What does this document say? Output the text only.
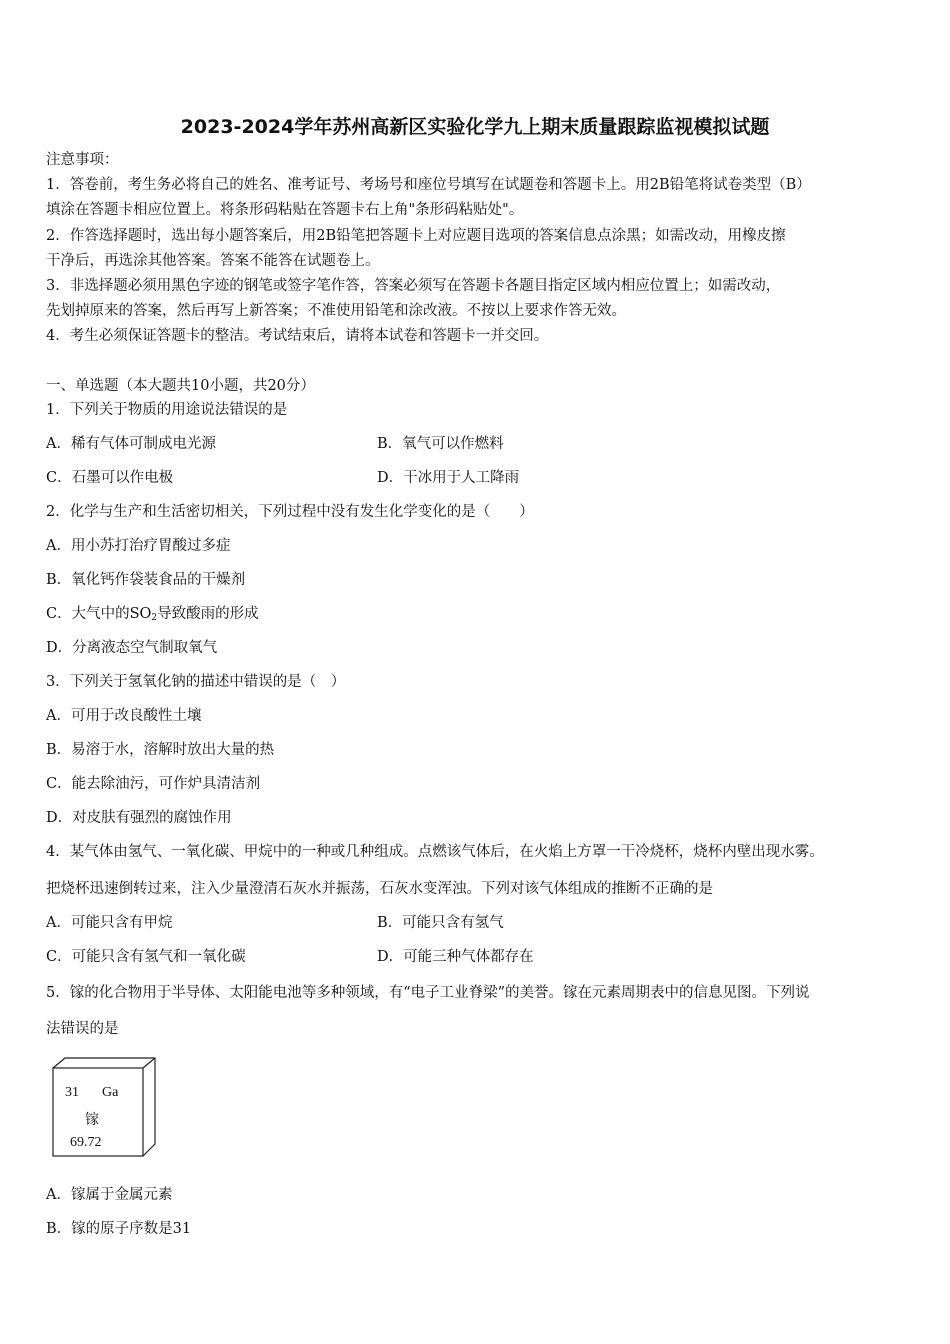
2023-2024学年苏州高新区实验化学九上期末质量跟踪监视模拟试题
注意事项：
1．答卷前，考生务必将自己的姓名、准考证号、考场号和座位号填写在试题卷和答题卡上。用2B铅笔将试卷类型（B）
填涂在答题卡相应位置上。将条形码粘贴在答题卡右上角"条形码粘贴处"。
2．作答选择题时，选出每小题答案后，用2B铅笔把答题卡上对应题目选项的答案信息点涂黑；如需改动，用橡皮擦
干净后，再选涂其他答案。答案不能答在试题卷上。
3．非选择题必须用黑色字迹的钢笔或签字笔作答，答案必须写在答题卡各题目指定区域内相应位置上；如需改动，
先划掉原来的答案，然后再写上新答案；不准使用铅笔和涂改液。不按以上要求作答无效。
4．考生必须保证答题卡的整洁。考试结束后，请将本试卷和答题卡一并交回。
一、单选题（本大题共10小题，共20分）
1．下列关于物质的用途说法错误的是
A．稀有气体可制成电光源	B．氧气可以作燃料
C．石墨可以作电极	D．干冰用于人工降雨
2．化学与生产和生活密切相关，下列过程中没有发生化学变化的是（　　）
A．用小苏打治疗胃酸过多症
B．氧化钙作袋装食品的干燥剂
C．大气中的$SO_2$导致酸雨的形成
D．分离液态空气制取氧气
3．下列关于氢氧化钠的描述中错误的是（　）
A．可用于改良酸性土壤
B．易溶于水，溶解时放出大量的热
C．能去除油污，可作炉具清洁剂
D．对皮肤有强烈的腐蚀作用
4．某气体由氢气、一氧化碳、甲烷中的一种或几种组成。点燃该气体后，在火焰上方罩一干冷烧杯，烧杯内壁出现水雾。
把烧杯迅速倒转过来，注入少量澄清石灰水并振荡，石灰水变浑浊。下列对该气体组成的推断不正确的是
A．可能只含有甲烷	B．可能只含有氢气
C．可能只含有氢气和一氧化碳	D．可能三种气体都存在
5．镓的化合物用于半导体、太阳能电池等多种领域，有“电子工业脊梁”的美誉。镓在元素周期表中的信息见图。下列说
法错误的是
31 Ga
镓
69.72
A．镓属于金属元素
B．镓的原子序数是31
